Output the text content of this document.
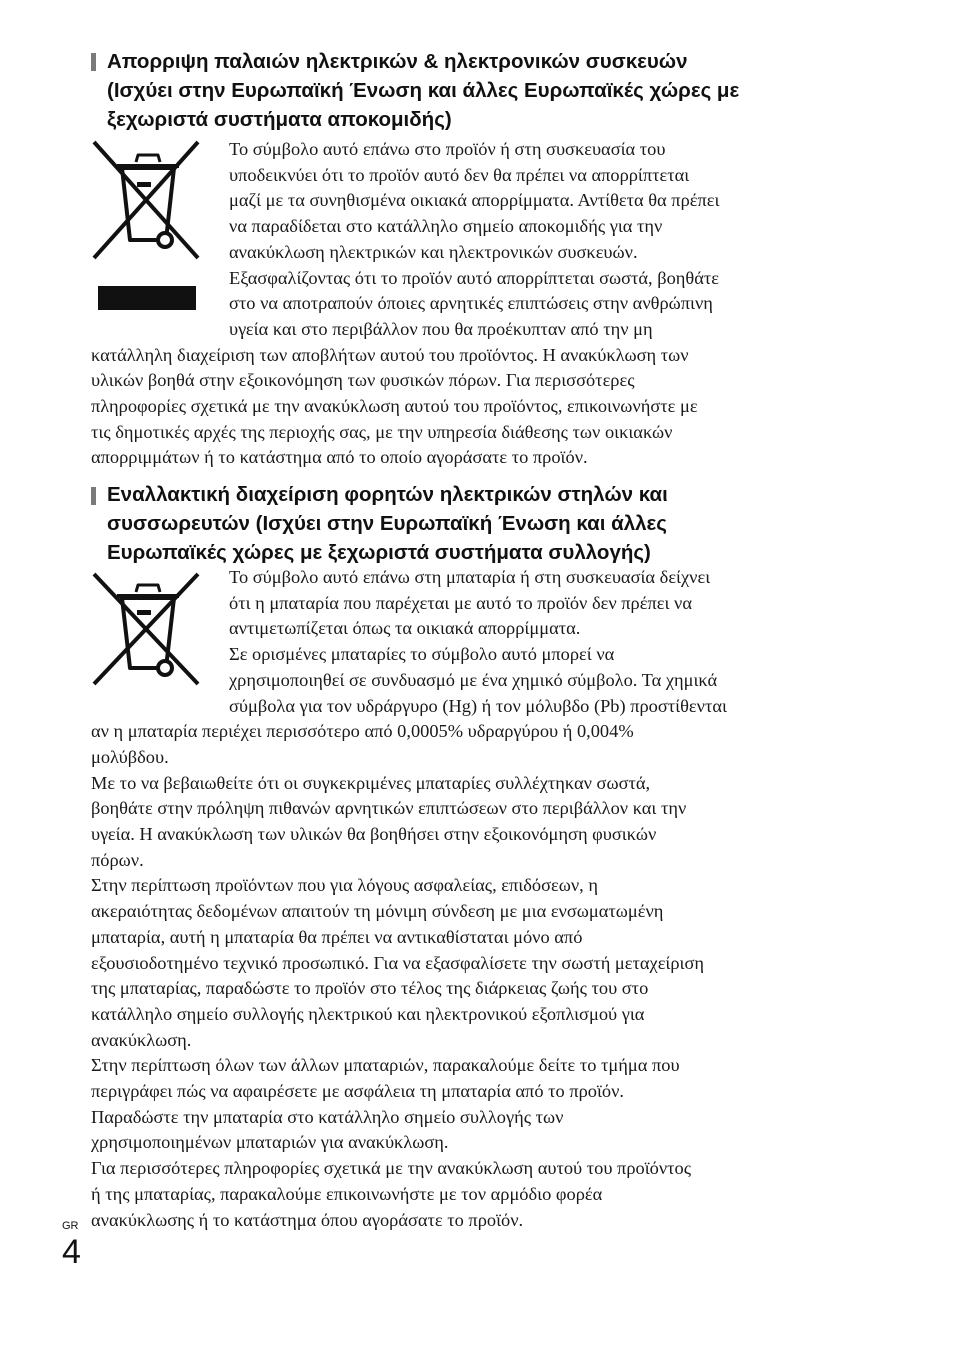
Απορριψη παλαιών ηλεκτρικών & ηλεκτρονικών συσκευών
(Ισχύει στην Ευρωπαϊκή Ένωση και άλλες Ευρωπαϊκές χώρες με
ξεχωριστά συστήματα αποκομιδής)
Το σύμβολο αυτό επάνω στο προϊόν ή στη συσκευασία του
υποδεικνύει ότι το προϊόν αυτό δεν θα πρέπει να απορρίπτεται
μαζί με τα συνηθισμένα οικιακά απορρίμματα. Αντίθετα θα πρέπει
να παραδίδεται στο κατάλληλο σημείο αποκομιδής για την
ανακύκλωση ηλεκτρικών και ηλεκτρονικών συσκευών.
Εξασφαλίζοντας ότι το προϊόν αυτό απορρίπτεται σωστά, βοηθάτε
στο να αποτραπούν όποιες αρνητικές επιπτώσεις στην ανθρώπινη
υγεία και στο περιβάλλον που θα προέκυπταν από την μη
κατάλληλη διαχείριση των αποβλήτων αυτού του προϊόντος. Η ανακύκλωση των
υλικών βοηθά στην εξοικονόμηση των φυσικών πόρων. Για περισσότερες
πληροφορίες σχετικά με την ανακύκλωση αυτού του προϊόντος, επικοινωνήστε με
τις δημοτικές αρχές της περιοχής σας, με την υπηρεσία διάθεσης των οικιακών
απορριμμάτων ή το κατάστημα από το οποίο αγοράσατε το προϊόν.
Εναλλακτική διαχείριση φορητών ηλεκτρικών στηλών και
συσσωρευτών (Ισχύει στην Ευρωπαϊκή Ένωση και άλλες
Ευρωπαϊκές χώρες με ξεχωριστά συστήματα συλλογής)
Το σύμβολο αυτό επάνω στη μπαταρία ή στη συσκευασία δείχνει
ότι η μπαταρία που παρέχεται με αυτό το προϊόν δεν πρέπει να
αντιμετωπίζεται όπως τα οικιακά απορρίμματα.
Σε ορισμένες μπαταρίες το σύμβολο αυτό μπορεί να
χρησιμοποιηθεί σε συνδυασμό με ένα χημικό σύμβολο. Τα χημικά
σύμβολα για τον υδράργυρο (Hg) ή τον μόλυβδο (Pb) προστίθενται
αν η μπαταρία περιέχει περισσότερο από 0,0005% υδραργύρου ή 0,004%
μολύβδου.
Με το να βεβαιωθείτε ότι οι συγκεκριμένες μπαταρίες συλλέχτηκαν σωστά,
βοηθάτε στην πρόληψη πιθανών αρνητικών επιπτώσεων στο περιβάλλον και την
υγεία. Η ανακύκλωση των υλικών θα βοηθήσει στην εξοικονόμηση φυσικών
πόρων.
Στην περίπτωση προϊόντων που για λόγους ασφαλείας, επιδόσεων, η
ακεραιότητας δεδομένων απαιτούν τη μόνιμη σύνδεση με μια ενσωματωμένη
μπαταρία, αυτή η μπαταρία θα πρέπει να αντικαθίσταται μόνο από
εξουσιοδοτημένο τεχνικό προσωπικό. Για να εξασφαλίσετε την σωστή μεταχείριση
της μπαταρίας, παραδώστε το προϊόν στο τέλος της διάρκειας ζωής του στο
κατάλληλο σημείο συλλογής ηλεκτρικού και ηλεκτρονικού εξοπλισμού για
ανακύκλωση.
Στην περίπτωση όλων των άλλων μπαταριών, παρακαλούμε δείτε το τμήμα που
περιγράφει πώς να αφαιρέσετε με ασφάλεια τη μπαταρία από το προϊόν.
Παραδώστε την μπαταρία στο κατάλληλο σημείο συλλογής των
χρησιμοποιημένων μπαταριών για ανακύκλωση.
Για περισσότερες πληροφορίες σχετικά με την ανακύκλωση αυτού του προϊόντος
ή της μπαταρίας, παρακαλούμε επικοινωνήστε με τον αρμόδιο φορέα
ανακύκλωσης ή το κατάστημα όπου αγοράσατε το προϊόν.
GR
4
